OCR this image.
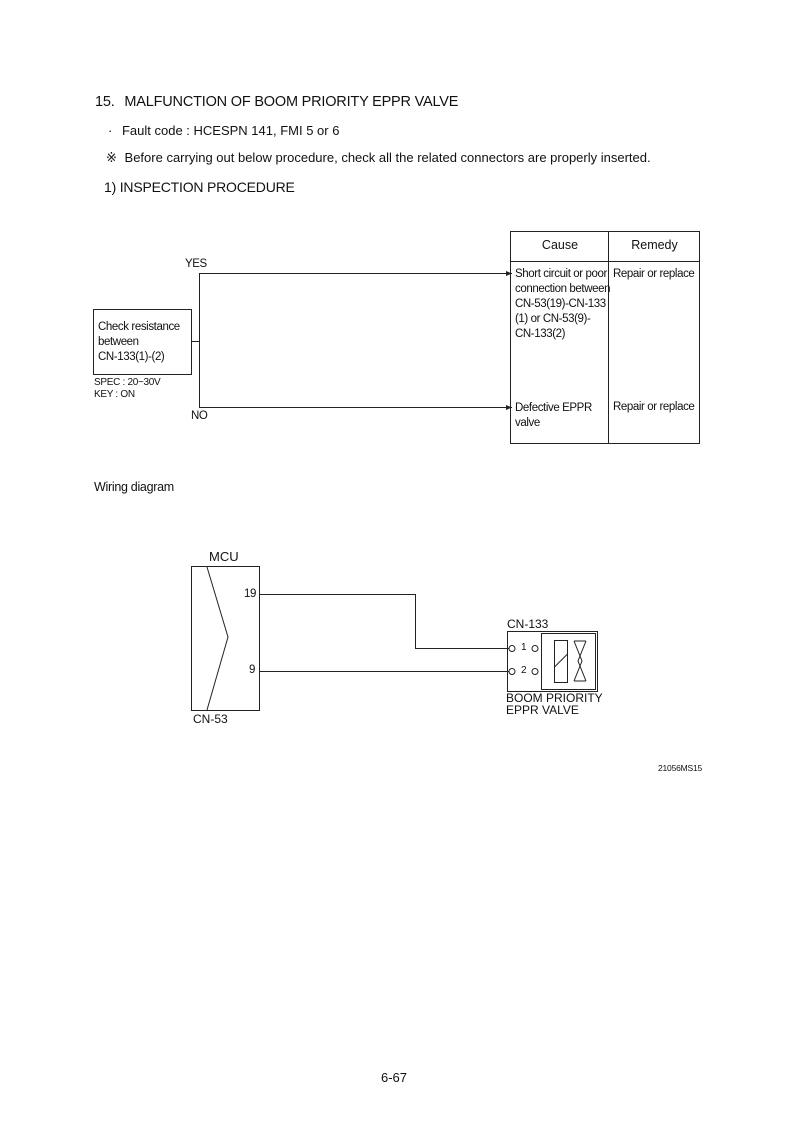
15. MALFUNCTION OF BOOM PRIORITY EPPR VALVE
· Fault code : HCESPN 141, FMI 5 or 6
※ Before carrying out below procedure, check all the related connectors are properly inserted.
1) INSPECTION PROCEDURE
Check resistance
between
CN-133(1)-(2)
SPEC : 20~30V
KEY : ON
YES
NO
Cause	Remedy
Short circuit or poor
connection between
CN-53(19)-CN-133
(1) or CN-53(9)-
CN-133(2)
Repair or replace
Defective EPPR
valve
Repair or replace
Wiring diagram
MCU
19
9
CN-53
CN-133
1
2
BOOM PRIORITY
EPPR VALVE
21056MS15
6-67
